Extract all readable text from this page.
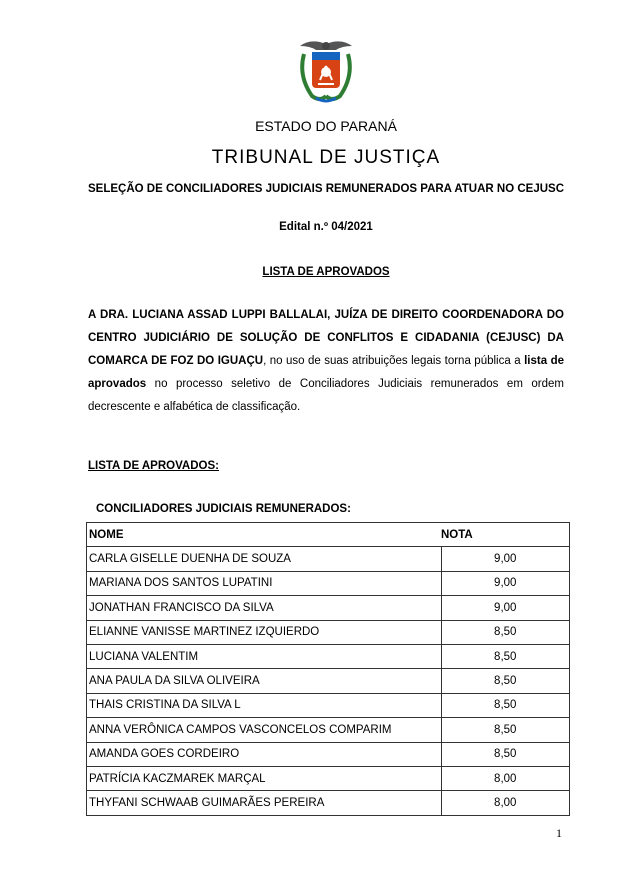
ESTADO DO PARANÁ
TRIBUNAL DE JUSTIÇA
SELEÇÃO DE CONCILIADORES JUDICIAIS REMUNERADOS PARA ATUAR NO CEJUSC
Edital n.º 04/2021
LISTA DE APROVADOS
A DRA. LUCIANA ASSAD LUPPI BALLALAI, JUÍZA DE DIREITO COORDENADORA DO CENTRO JUDICIÁRIO DE SOLUÇÃO DE CONFLITOS E CIDADANIA (CEJUSC) DA COMARCA DE FOZ DO IGUAÇU, no uso de suas atribuições legais torna pública a lista de aprovados no processo seletivo de Conciliadores Judiciais remunerados em ordem decrescente e alfabética de classificação.
LISTA DE APROVADOS:
CONCILIADORES JUDICIAIS REMUNERADOS:
NOME	NOTA
CARLA GISELLE DUENHA DE SOUZA	9,00
MARIANA DOS SANTOS LUPATINI	9,00
JONATHAN FRANCISCO DA SILVA	9,00
ELIANNE VANISSE MARTINEZ IZQUIERDO	8,50
LUCIANA VALENTIM	8,50
ANA PAULA DA SILVA OLIVEIRA	8,50
THAIS CRISTINA DA SILVA L	8,50
ANNA VERÔNICA CAMPOS VASCONCELOS COMPARIM	8,50
AMANDA GOES CORDEIRO	8,50
PATRÍCIA KACZMAREK MARÇAL	8,00
THYFANI SCHWAAB GUIMARÃES PEREIRA	8,00
1
